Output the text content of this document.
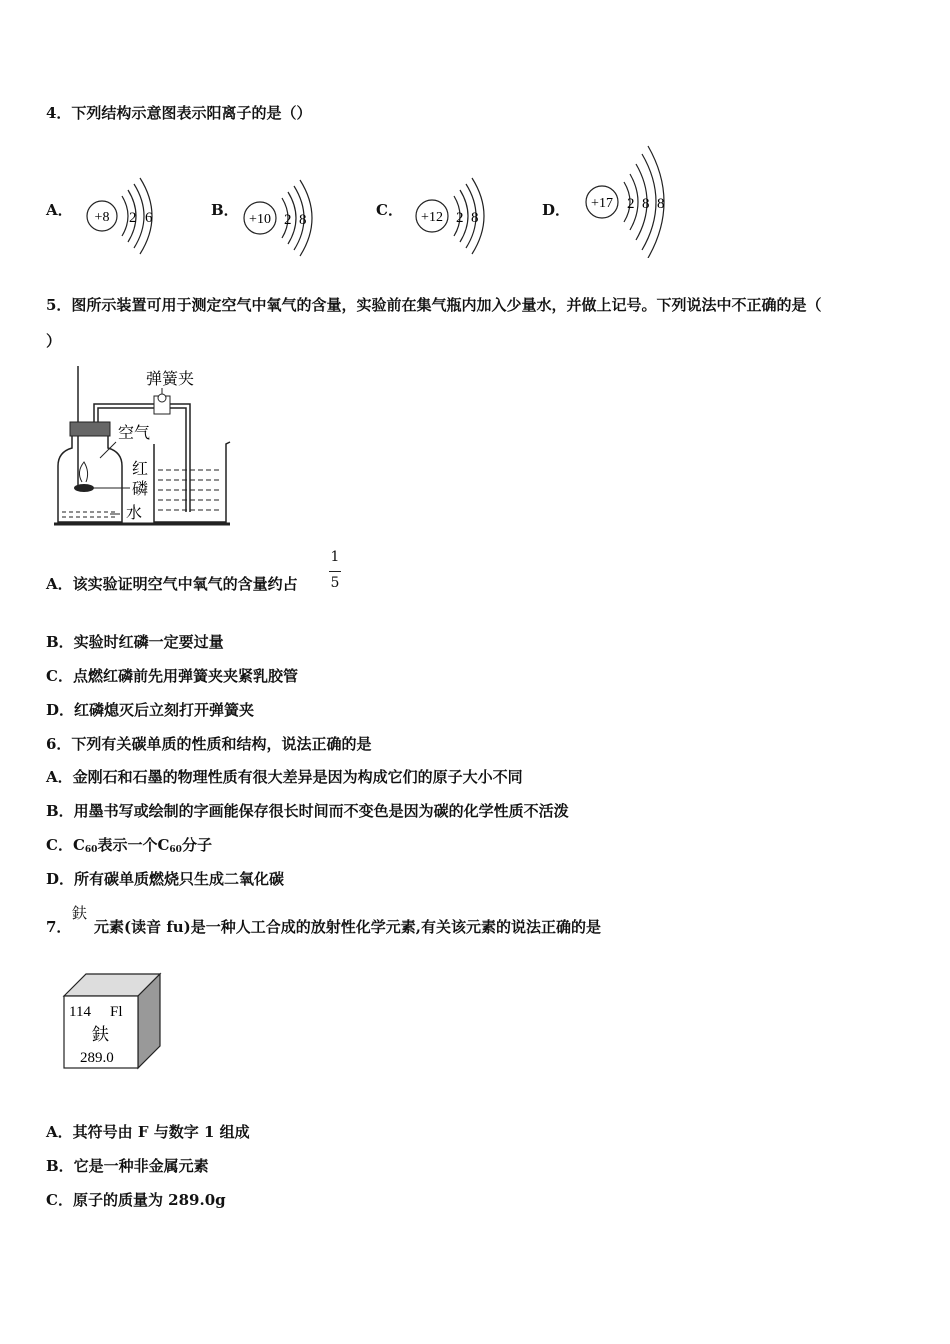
4．下列结构示意图表示阳离子的是（）
A． +8 2 6	B．
+10 2 8
C． +12 2 8	D． +17 2 8 8
5．图所示装置可用于测定空气中氧气的含量，实验前在集气瓶内加入少量水，并做上记号。下列说法中不正确的是（
）
弹簧夹
空气
红
磷
水
A．该实验证明空气中氧气的含量约占
1
5
B．实验时红磷一定要过量
C．点燃红磷前先用弹簧夹夹紧乳胶管
D．红磷熄灭后立刻打开弹簧夹
6．下列有关碳单质的性质和结构，说法正确的是
A．金刚石和石墨的物理性质有很大差异是因为构成它们的原子大小不同
B．用墨书写或绘制的字画能保存很长时间而不变色是因为碳的化学性质不活泼
C．$C_{60}$表示一个$C_{60}$分子
D．所有碳单质燃烧只生成二氧化碳
7．
鈇
元素(读音 fu)是一种人工合成的放射性化学元素,有关该元素的说法正确的是
114 Fl
鈇
289.0
A．其符号由 F 与数字 1 组成
B．它是一种非金属元素
C．原子的质量为 289.0g
